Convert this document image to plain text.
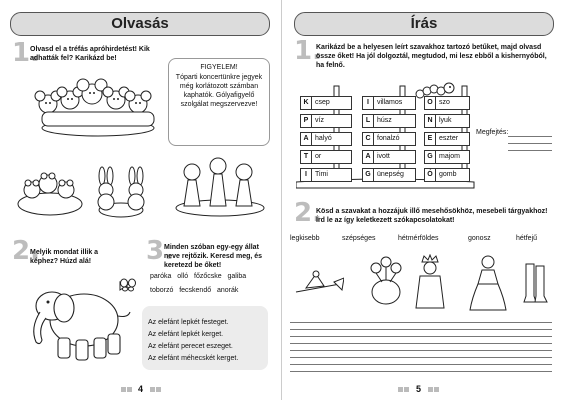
Olvasás
1.
Olvasd el a tréfás apróhirdetést! Kik adhatták fel? Karikázd be!
FIGYELEM!
Tóparti koncertünkre jegyek még korlátozott számban kaphatók. Gólyafigyelő szolgálat megszervezve!
2.
Melyik mondat illik a képhez? Húzd alá!
Az elefánt lepkét festeget.
Az elefánt lepkét kerget.
Az elefánt perecet eszeget.
Az elefánt méhecskét kerget.
3.
Minden szóban egy-egy állat neve rejtőzik. Keresd meg, és keretezd be őket!
paróka olló főzőcske galiba
toborzó fecskendő anorák
4
Írás
1.
Karikázd be a helyesen leírt szavakhoz tartozó betűket, majd olvasd össze őket! Ha jól dolgoztál, megtudod, mi lesz ebből a kishernyóból, ha felnő.
K csep
P víz
A halyó
T or
I	Timi
I	villamos
L húsz
C fonalzó
A ivott
G ünepség
O szo
N lyuk
E eszter
G majom
Ó gomb
Megfejtés:
2.
Kösd a szavakat a hozzájuk illő mesehősökhöz, mesebeli tárgyakhoz! Írd le az így keletkezett szókapcsolatokat!
legkisebb	szépséges	hétmérföldes	gonosz	hétfejű
5
